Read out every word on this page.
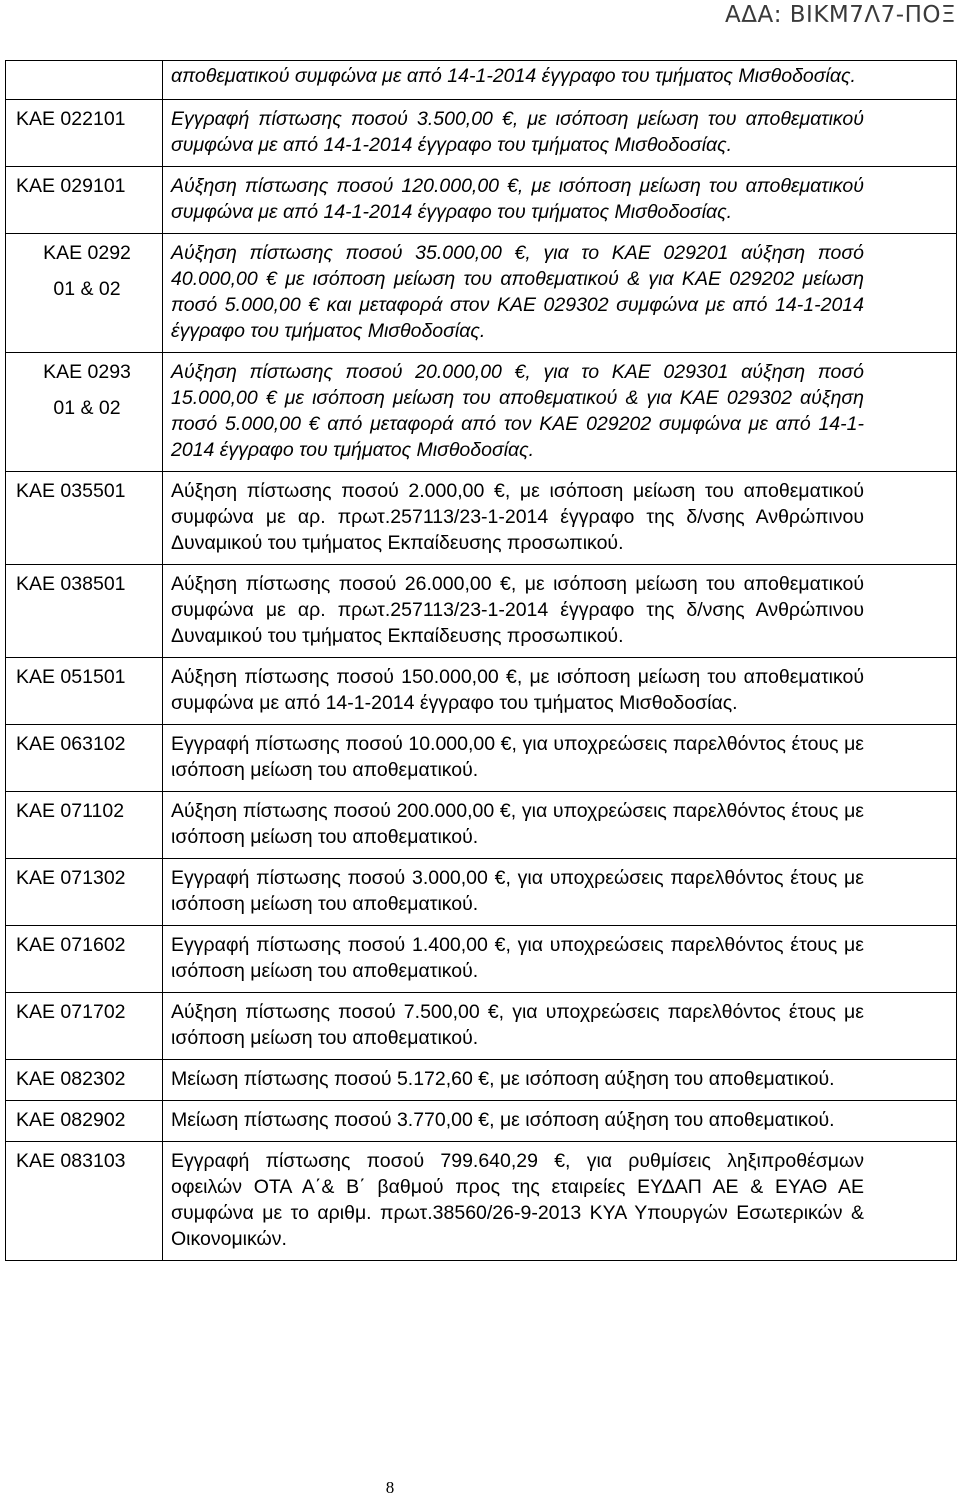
ΑΔΑ: ΒΙΚΜ7Λ7-ΠΟΞ
	αποθεματικού συμφώνα με από 14-1-2014 έγγραφο του τμήματος Μισθοδοσίας.
ΚΑΕ 022101	Εγγραφή πίστωσης ποσού 3.500,00 €, με ισόποση μείωση του αποθεματικού συμφώνα με από 14-1-2014 έγγραφο του τμήματος Μισθοδοσίας.
ΚΑΕ 029101	Αύξηση πίστωσης ποσού 120.000,00 €, με ισόποση μείωση του αποθεματικού συμφώνα με από 14-1-2014 έγγραφο του τμήματος Μισθοδοσίας.
ΚΑΕ 0292
01 & 02	Αύξηση πίστωσης ποσού 35.000,00 €, για το ΚΑΕ 029201 αύξηση ποσό 40.000,00 € με ισόποση μείωση του αποθεματικού & για ΚΑΕ 029202 μείωση ποσό 5.000,00 € και μεταφορά στον ΚΑΕ 029302 συμφώνα με από 14-1-2014 έγγραφο του τμήματος Μισθοδοσίας.
ΚΑΕ 0293
01 & 02	Αύξηση πίστωσης ποσού 20.000,00 €, για το ΚΑΕ 029301 αύξηση ποσό 15.000,00 € με ισόποση μείωση του αποθεματικού & για ΚΑΕ 029302 αύξηση ποσό 5.000,00 € από μεταφορά από τον ΚΑΕ 029202 συμφώνα με από 14-1-2014 έγγραφο του τμήματος Μισθοδοσίας.
ΚΑΕ 035501	Αύξηση πίστωσης ποσού 2.000,00 €, με ισόποση μείωση του αποθεματικού συμφώνα με αρ. πρωτ.257113/23-1-2014 έγγραφο της δ/νσης Ανθρώπινου Δυναμικού του τμήματος Εκπαίδευσης προσωπικού.
ΚΑΕ 038501	Αύξηση πίστωσης ποσού 26.000,00 €, με ισόποση μείωση του αποθεματικού συμφώνα με αρ. πρωτ.257113/23-1-2014 έγγραφο της δ/νσης Ανθρώπινου Δυναμικού του τμήματος Εκπαίδευσης προσωπικού.
ΚΑΕ 051501	Αύξηση πίστωσης ποσού 150.000,00 €, με ισόποση μείωση του αποθεματικού συμφώνα με από 14-1-2014 έγγραφο του τμήματος Μισθοδοσίας.
ΚΑΕ 063102	Εγγραφή πίστωσης ποσού 10.000,00 €, για υποχρεώσεις παρελθόντος έτους με ισόποση μείωση του αποθεματικού.
ΚΑΕ 071102	Αύξηση πίστωσης ποσού 200.000,00 €, για υποχρεώσεις παρελθόντος έτους με ισόποση μείωση του αποθεματικού.
ΚΑΕ 071302	Εγγραφή πίστωσης ποσού 3.000,00 €, για υποχρεώσεις παρελθόντος έτους με ισόποση μείωση του αποθεματικού.
ΚΑΕ 071602	Εγγραφή πίστωσης ποσού 1.400,00 €, για υποχρεώσεις παρελθόντος έτους με ισόποση μείωση του αποθεματικού.
ΚΑΕ 071702	Αύξηση πίστωσης ποσού 7.500,00 €, για υποχρεώσεις παρελθόντος έτους με ισόποση μείωση του αποθεματικού.
ΚΑΕ 082302	Μείωση πίστωσης ποσού 5.172,60 €, με ισόποση αύξηση του αποθεματικού.
ΚΑΕ 082902	Μείωση πίστωσης ποσού 3.770,00 €, με ισόποση αύξηση του αποθεματικού.
ΚΑΕ 083103	Εγγραφή πίστωσης ποσού 799.640,29 €, για ρυθμίσεις ληξιπροθέσμων οφειλών ΟΤΑ Α΄& Β΄ βαθμού προς της εταιρείες ΕΥΔΑΠ ΑΕ & ΕΥΑΘ ΑΕ συμφώνα με το αριθμ. πρωτ.38560/26-9-2013 ΚΥΑ Υπουργών Εσωτερικών & Οικονομικών.
8
